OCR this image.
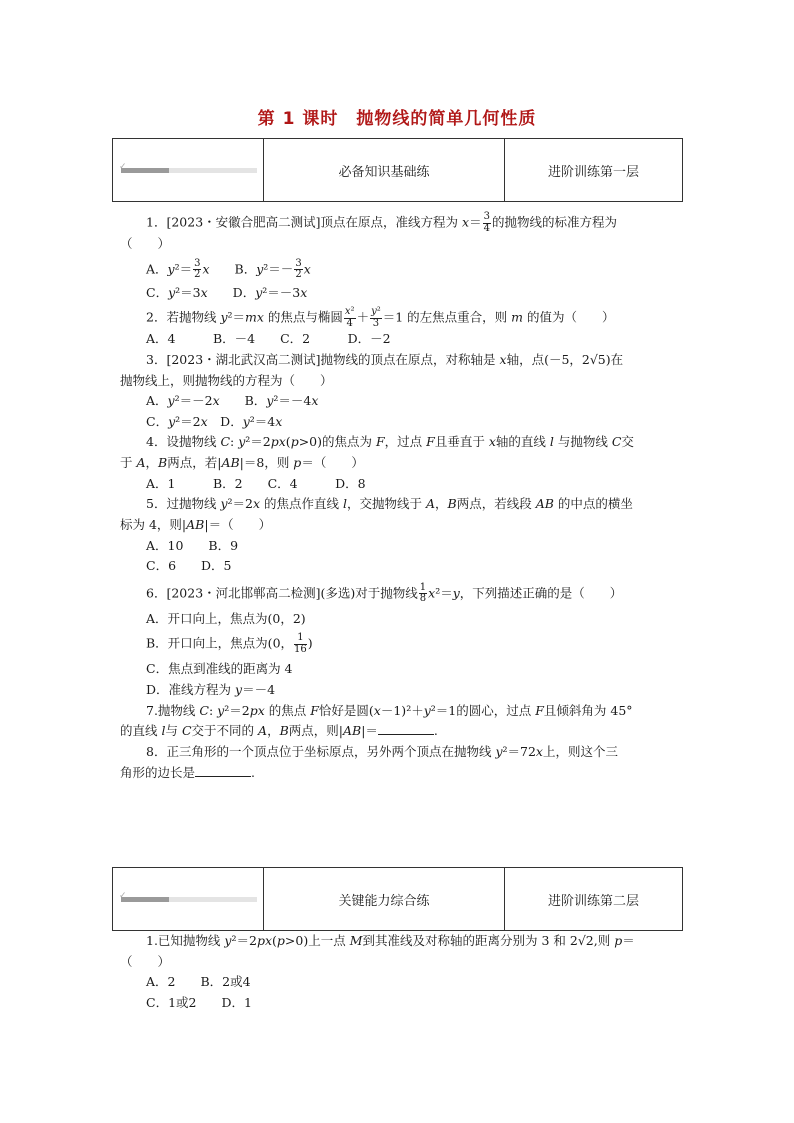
第 1 课时　抛物线的简单几何性质
✓	必备知识基础练	进阶训练第一层
1．[2023・安徽合肥高二测试]顶点在原点，准线方程为 $x= \frac{3}{4}$ 的抛物线的标准方程为
（　　）
A．$y^2= \frac{3}{2}$ x　　B．$y^2=- \frac{3}{2}$ x
C．y²＝3x　　D．y²＝－3x
2．若抛物线 y²＝mx 的焦点与椭圆 $\frac{\text{x²}}{4} + \frac{\text{y²}}{3} =1$ 的左焦点重合，则 m 的值为（　　）
A．4　　　B．－4　　C．2　　　D．－2
3．[2023・湖北武汉高二测试]抛物线的顶点在原点，对称轴是 x轴，点(－5，2√5)在
抛物线上，则抛物线的方程为（　　）
A．y²＝－2x　　B．y²＝－4x
C．y²＝2x　D．y²＝4x
4．设抛物线 C: y²＝2px(p>0)的焦点为 F，过点 F且垂直于 x轴的直线 l 与抛物线 C交
于 A，B两点，若|AB|＝8，则 p＝（　　）
A．1　　　B．2　　C．4　　　D．8
5．过抛物线 y²＝2x 的焦点作直线 l，交抛物线于 A，B两点，若线段 AB 的中点的横坐
标为 4，则|AB|＝（　　）
A．10　　B．9
C．6　　D．5
6．[2023・河北邯郸高二检测](多选)对于抛物线 $\frac{1}{8} x^2=y$，下列描述正确的是（　　）
A．开口向上，焦点为(0，2)
B．开口向上，焦点为(0， $\frac{1}{16}$ )
C．焦点到准线的距离为 4
D．准线方程为 y＝－4
7.抛物线 C: y²＝2px 的焦点 F恰好是圆(x－1)²＋y²＝1的圆心，过点 F且倾斜角为 45°
的直线 l与 C交于不同的 A，B两点，则|AB|＝	.
8．正三角形的一个顶点位于坐标原点，另外两个顶点在抛物线 y²＝72x上，则这个三
角形的边长是	.
✓	关键能力综合练	进阶训练第二层
1.已知抛物线 y²＝2px(p>0)上一点 M到其准线及对称轴的距离分别为 3 和 2√2,则 p＝
（　　）
A．2　　B．2或4
C．1或2　　D．1
